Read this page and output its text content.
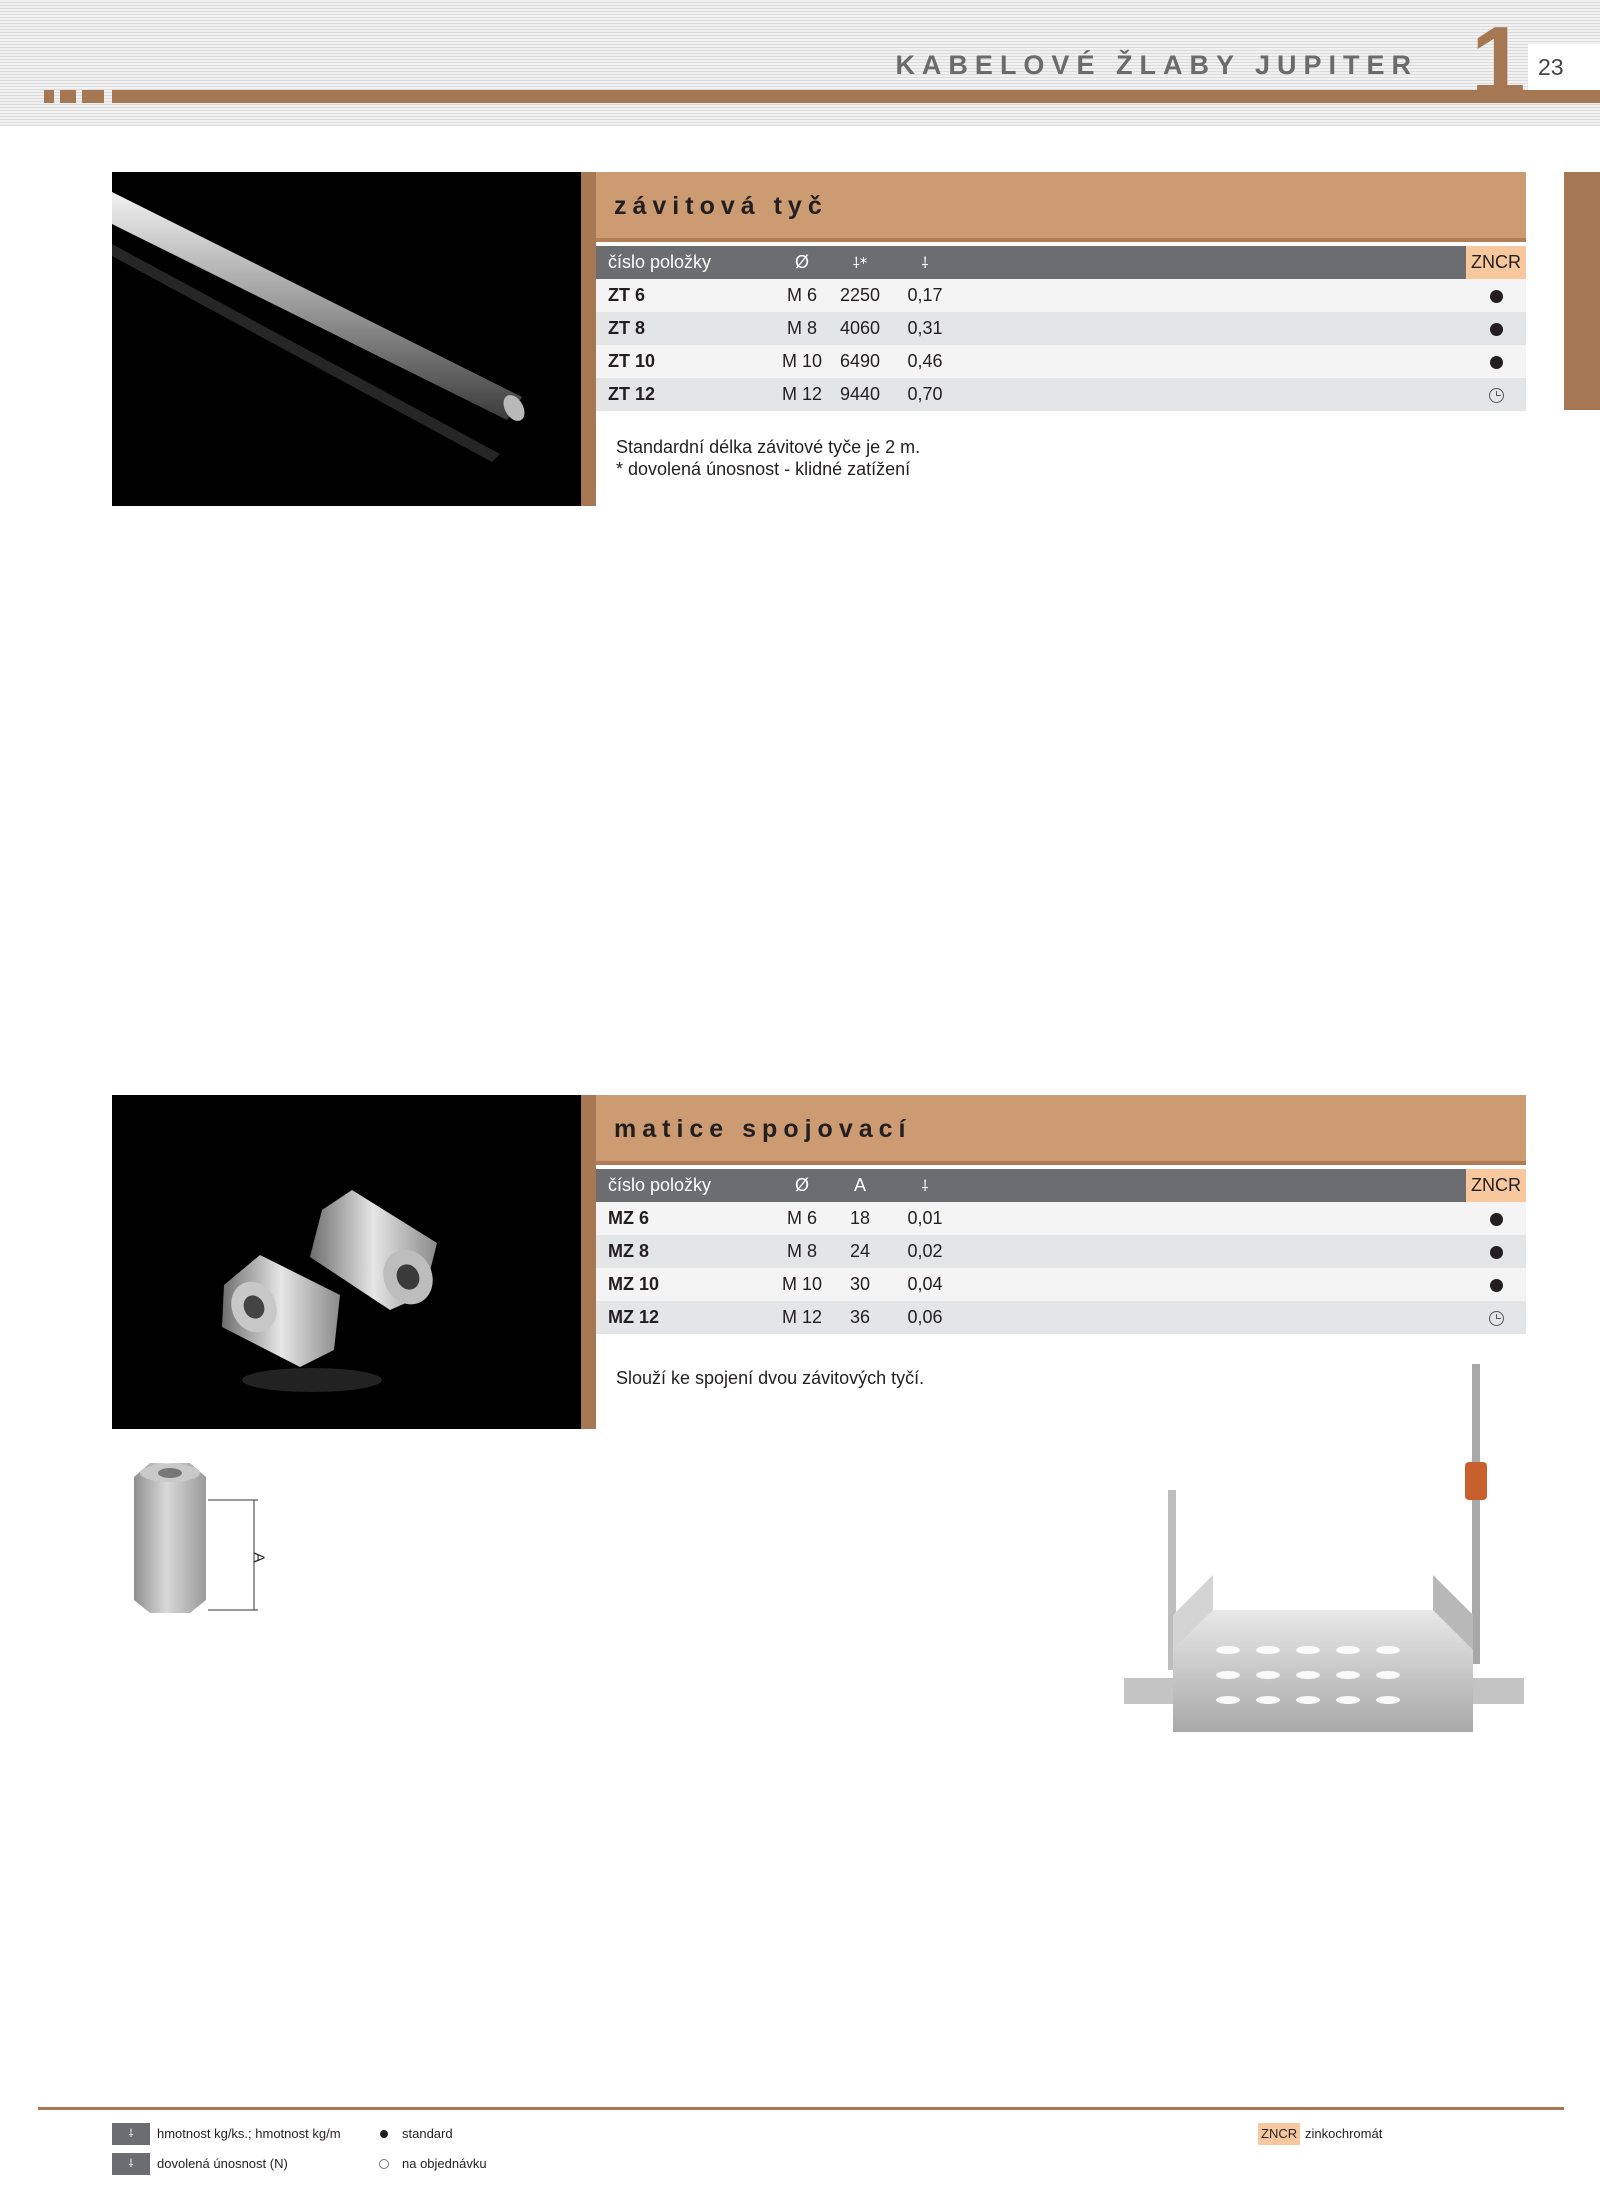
KABELOVÉ ŽLABY JUPITER 1 23
závitová tyč
číslo položky	Ø	⸸*	⸸		ZNCR
ZT 6	M 6	2250	0,17		
ZT 8	M 8	4060	0,31		
ZT 10	M 10	6490	0,46		
ZT 12	M 12	9440	0,70		
Standardní délka závitové tyče je 2 m.
* dovolená únosnost - klidné zatížení
matice spojovací
číslo položky	Ø	A	⸸		ZNCR
MZ 6	M 6	18	0,01		
MZ 8	M 8	24	0,02		
MZ 10	M 10	30	0,04		
MZ 12	M 12	36	0,06		
Slouží ke spojení dvou závitových tyčí.
A
⸸	hmotnost kg/ks.; hmotnost kg/m
⸸	dovolená únosnost (N)
standard
na objednávku
ZNCR zinkochromát
